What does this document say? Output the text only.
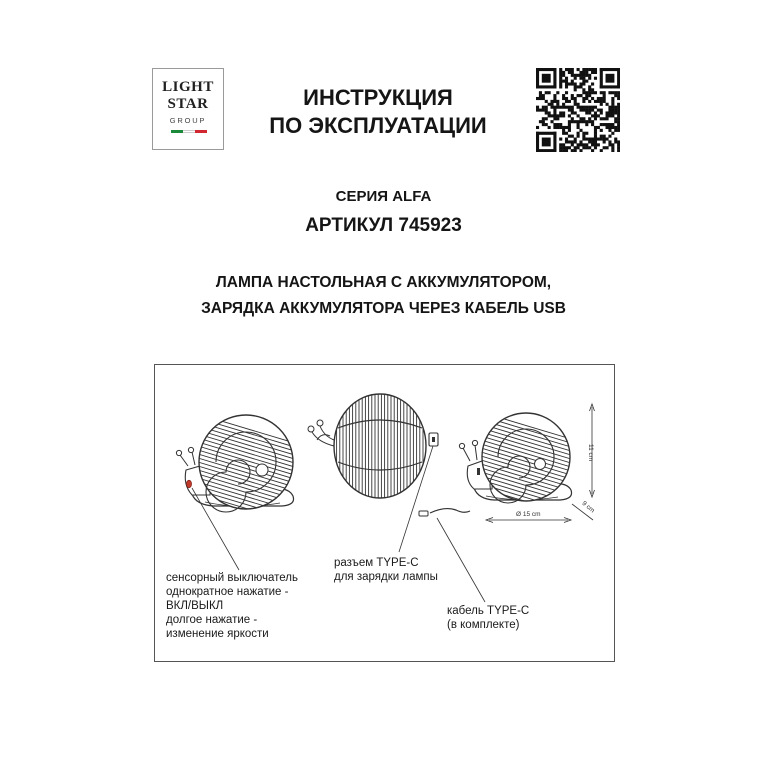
LIGHT
STAR
GROUP
ИНСТРУКЦИЯ
ПО ЭКСПЛУАТАЦИИ
СЕРИЯ ALFA
АРТИКУЛ 745923
ЛАМПА НАСТОЛЬНАЯ С АККУМУЛЯТОРОМ,
ЗАРЯДКА АККУМУЛЯТОРА ЧЕРЕЗ КАБЕЛЬ USB
11 cm
Ø 15 cm
9 cm
сенсорный выключатель
однократное нажатие -
ВКЛ/ВЫКЛ
долгое нажатие -
изменение яркости
разъем TYPE-C
для зарядки лампы
кабель TYPE-C
(в комплекте)
